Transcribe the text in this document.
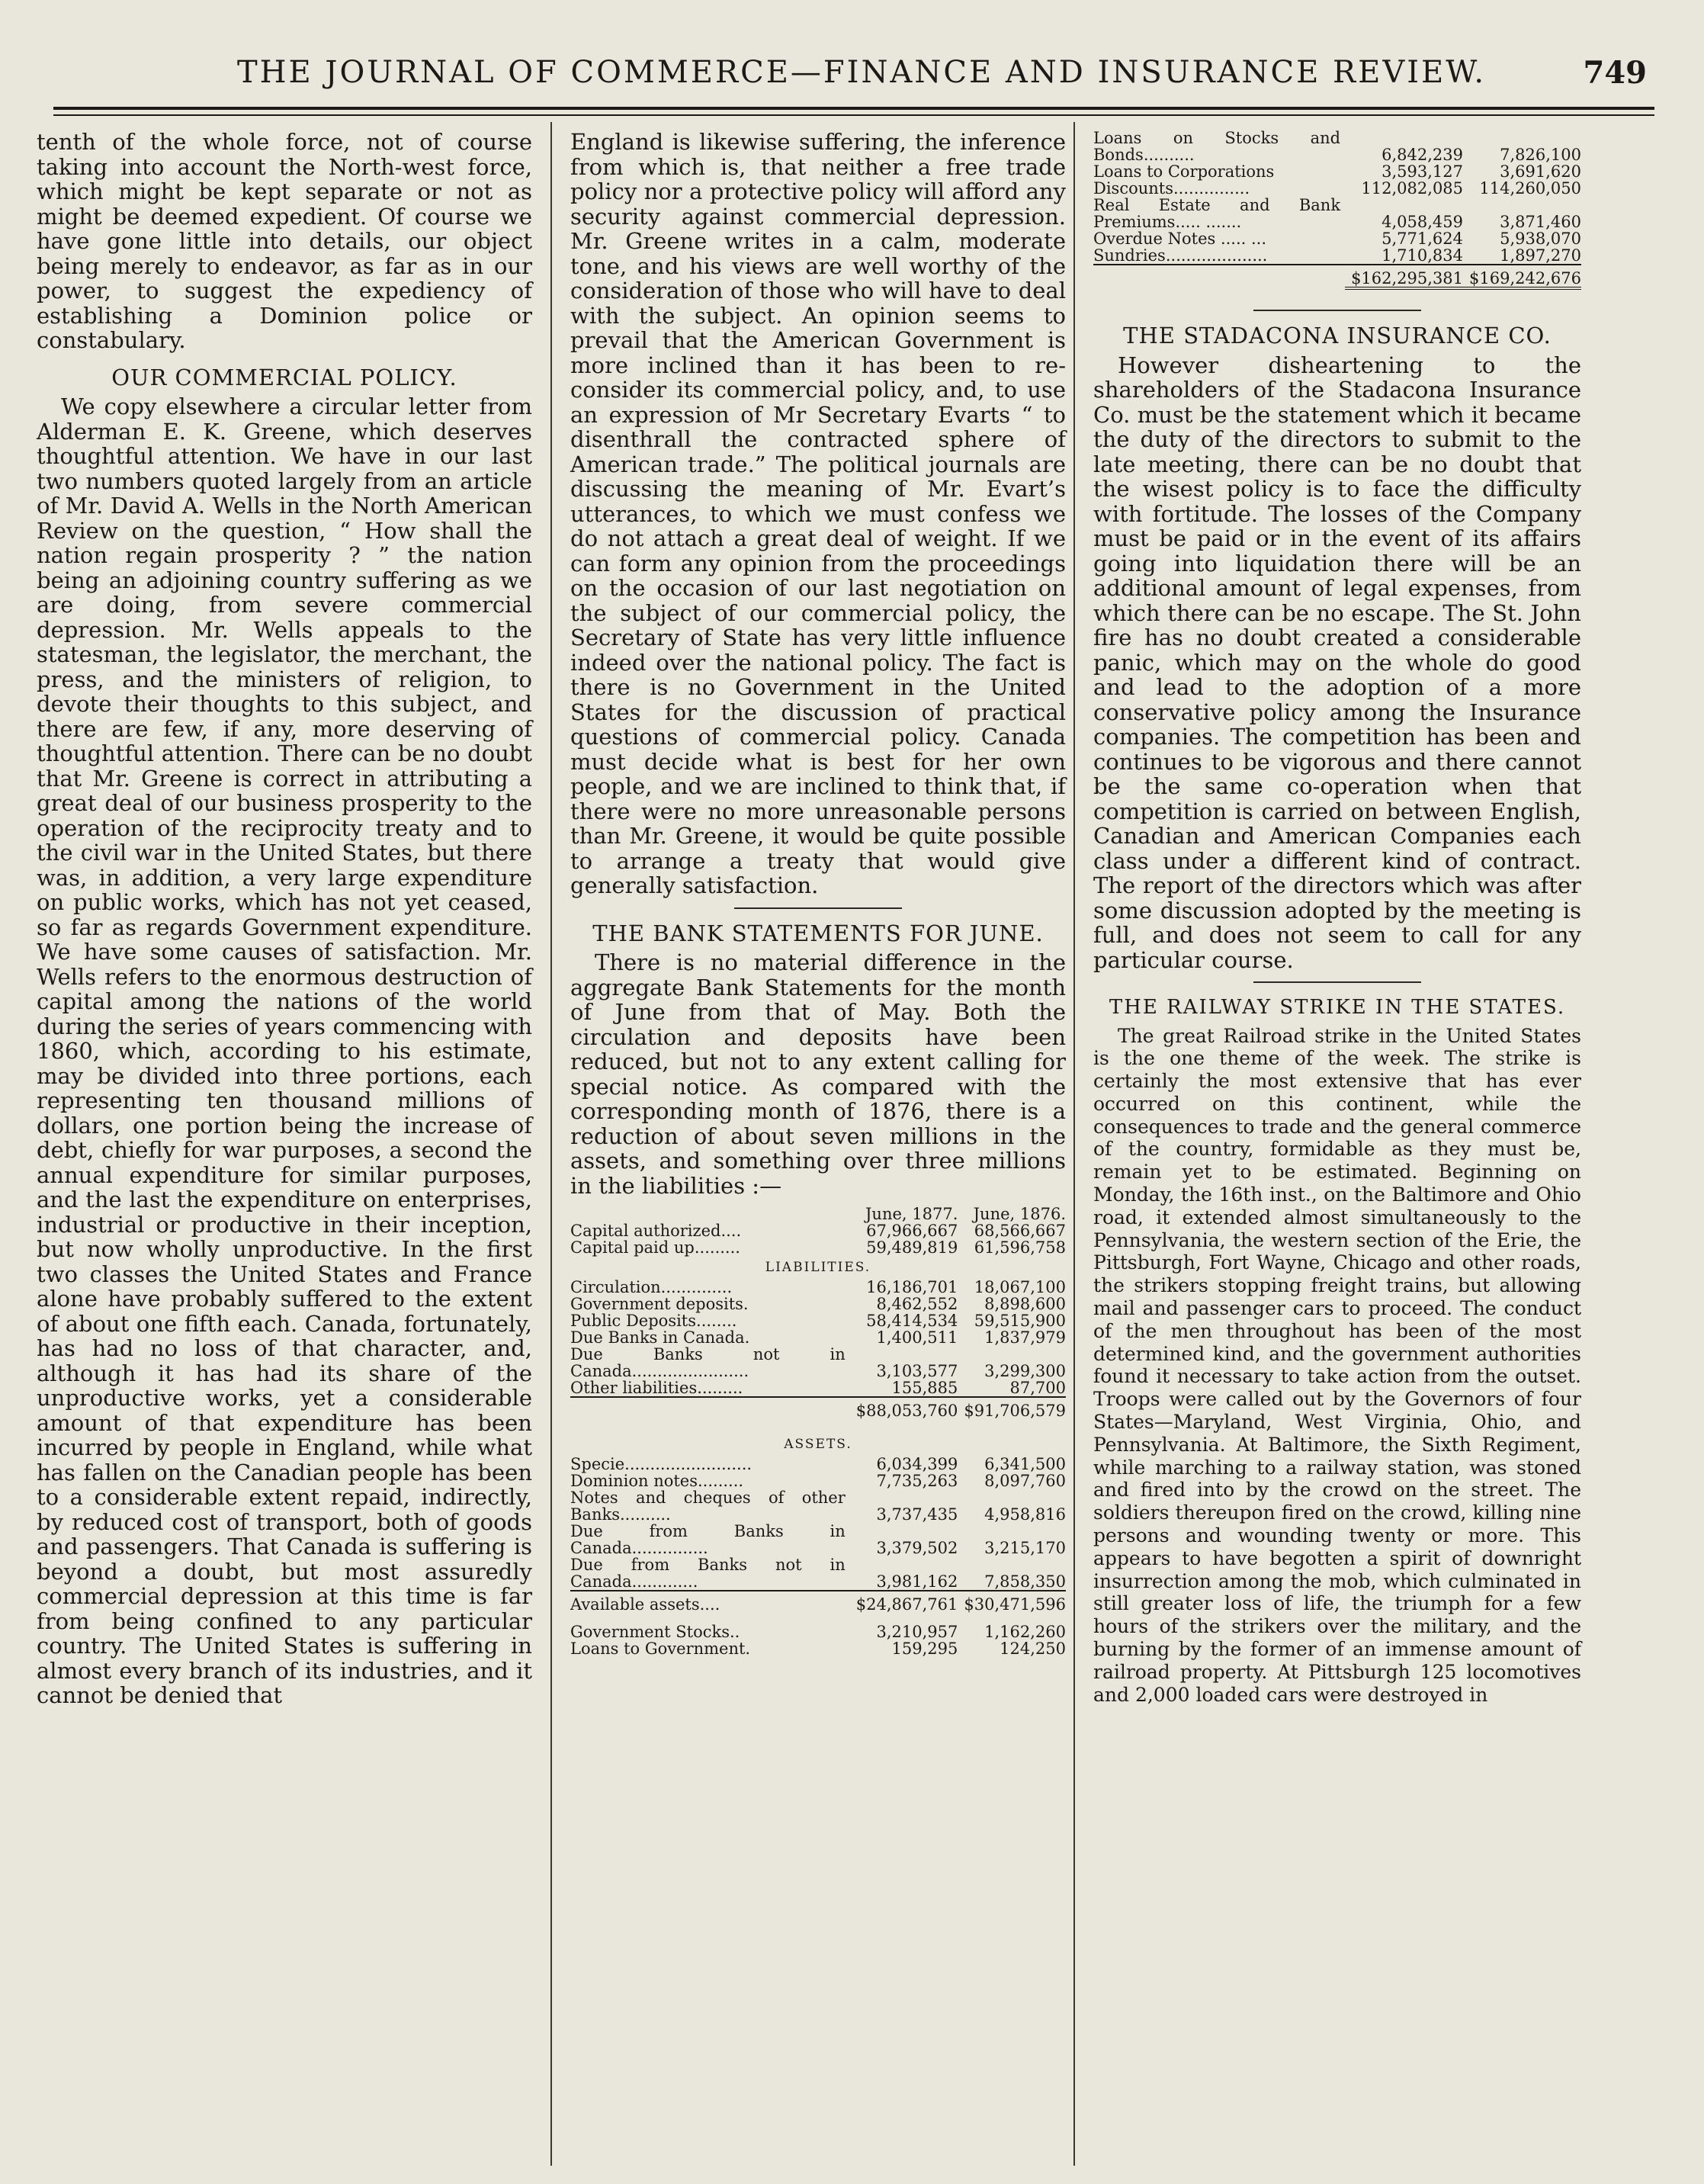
THE JOURNAL OF COMMERCE—FINANCE AND INSURANCE REVIEW.	749

tenth of the whole force, not of course taking into account the North-west force, which might be kept separate or not as might be deemed expedient. Of course we have gone little into details, our object being merely to endeavor, as far as in our power, to suggest the expediency of establishing a Dominion police or constabulary.

OUR COMMERCIAL POLICY.

We copy elsewhere a circular letter from Alderman E. K. Greene, which deserves thoughtful attention. We have in our last two numbers quoted largely from an article of Mr. David A. Wells in the North American Review on the question, “ How shall the nation regain prosperity ? ” the nation being an adjoining country suffering as we are doing, from severe commercial depression. Mr. Wells appeals to the statesman, the legislator, the merchant, the press, and the ministers of religion, to devote their thoughts to this subject, and there are few, if any, more deserving of thoughtful attention. There can be no doubt that Mr. Greene is correct in attributing a great deal of our business prosperity to the operation of the reciprocity treaty and to the civil war in the United States, but there was, in addition, a very large expenditure on public works, which has not yet ceased, so far as regards Government expenditure. We have some causes of satisfaction. Mr. Wells refers to the enormous destruction of capital among the nations of the world during the series of years commencing with 1860, which, according to his estimate, may be divided into three portions, each representing ten thousand millions of dollars, one portion being the increase of debt, chiefly for war purposes, a second the annual expenditure for similar purposes, and the last the expenditure on enterprises, industrial or productive in their inception, but now wholly unproductive. In the first two classes the United States and France alone have probably suffered to the extent of about one fifth each. Canada, fortunately, has had no loss of that character, and, although it has had its share of the unproductive works, yet a considerable amount of that expenditure has been incurred by people in England, while what has fallen on the Canadian people has been to a considerable extent repaid, indirectly, by reduced cost of transport, both of goods and passengers. That Canada is suffering is beyond a doubt, but most assuredly commercial depression at this time is far from being confined to any particular country. The United States is suffering in almost every branch of its industries, and it cannot be denied that

England is likewise suffering, the inference from which is, that neither a free trade policy nor a protective policy will afford any security against commercial depression. Mr. Greene writes in a calm, moderate tone, and his views are well worthy of the consideration of those who will have to deal with the subject. An opinion seems to prevail that the American Government is more inclined than it has been to re-consider its commercial policy, and, to use an expression of Mr Secretary Evarts “ to disenthrall the contracted sphere of American trade.” The political journals are discussing the meaning of Mr. Evart’s utterances, to which we must confess we do not attach a great deal of weight. If we can form any opinion from the proceedings on the occasion of our last negotiation on the subject of our commercial policy, the Secretary of State has very little influence indeed over the national policy. The fact is there is no Government in the United States for the discussion of practical questions of commercial policy. Canada must decide what is best for her own people, and we are inclined to think that, if there were no more unreasonable persons than Mr. Greene, it would be quite possible to arrange a treaty that would give generally satisfaction.

THE BANK STATEMENTS FOR JUNE.

There is no material difference in the aggregate Bank Statements for the month of June from that of May. Both the circulation and deposits have been reduced, but not to any extent calling for special notice. As compared with the corresponding month of 1876, there is a reduction of about seven millions in the assets, and something over three millions in the liabilities :—

	June, 1877.	June, 1876.
Capital authorized....	67,966,667	68,566,667
Capital paid up.........	59,489,819	61,596,758

LIABILITIES.		

Circulation..............	16,186,701	18,067,100
Government deposits.	8,462,552	8,898,600
Public Deposits........	58,414,534	59,515,900
Due Banks in Canada.	1,400,511	1,837,979
Due Banks not in Canada.......................	3,103,577	3,299,300
Other liabilities.........	155,885	87,700
	$88,053,760	$91,706,579

ASSETS.		

Specie.........................	6,034,399	6,341,500
Dominion notes.........	7,735,263	8,097,760
Notes and cheques of other Banks..........	3,737,435	4,958,816
Due from Banks in Canada...............	3,379,502	3,215,170
Due from Banks not in Canada.............	3,981,162	7,858,350
Available assets....	$24,867,761	$30,471,596

Government Stocks..	3,210,957	1,162,260
Loans to Government.	159,295	124,250
Loans on Stocks and Bonds..........	6,842,239	7,826,100
Loans to Corporations	3,593,127	3,691,620
Discounts...............	112,082,085	114,260,050
Real Estate and Bank Premiums..... .......	4,058,459	3,871,460
Overdue Notes ..... ...	5,771,624	5,938,070
Sundries....................	1,710,834	1,897,270
	$162,295,381	$169,242,676
THE STADACONA INSURANCE CO.

However disheartening to the shareholders of the Stadacona Insurance Co. must be the statement which it became the duty of the directors to submit to the late meeting, there can be no doubt that the wisest policy is to face the difficulty with fortitude. The losses of the Company must be paid or in the event of its affairs going into liquidation there will be an additional amount of legal expenses, from which there can be no escape. The St. John fire has no doubt created a considerable panic, which may on the whole do good and lead to the adoption of a more conservative policy among the Insurance companies. The competition has been and continues to be vigorous and there cannot be the same co-operation when that competition is carried on between English, Canadian and American Companies each class under a different kind of contract. The report of the directors which was after some discussion adopted by the meeting is full, and does not seem to call for any particular course.

THE RAILWAY STRIKE IN THE STATES.

The great Railroad strike in the United States is the one theme of the week. The strike is certainly the most extensive that has ever occurred on this continent, while the consequences to trade and the general commerce of the country, formidable as they must be, remain yet to be estimated. Beginning on Monday, the 16th inst., on the Baltimore and Ohio road, it extended almost simultaneously to the Pennsylvania, the western section of the Erie, the Pittsburgh, Fort Wayne, Chicago and other roads, the strikers stopping freight trains, but allowing mail and passenger cars to proceed. The conduct of the men throughout has been of the most determined kind, and the government authorities found it necessary to take action from the outset. Troops were called out by the Governors of four States—Maryland, West Virginia, Ohio, and Pennsylvania. At Baltimore, the Sixth Regiment, while marching to a railway station, was stoned and fired into by the crowd on the street. The soldiers thereupon fired on the crowd, killing nine persons and wounding twenty or more. This appears to have begotten a spirit of downright insurrection among the mob, which culminated in still greater loss of life, the triumph for a few hours of the strikers over the military, and the burning by the former of an immense amount of railroad property. At Pittsburgh 125 locomotives and 2,000 loaded cars were destroyed in
